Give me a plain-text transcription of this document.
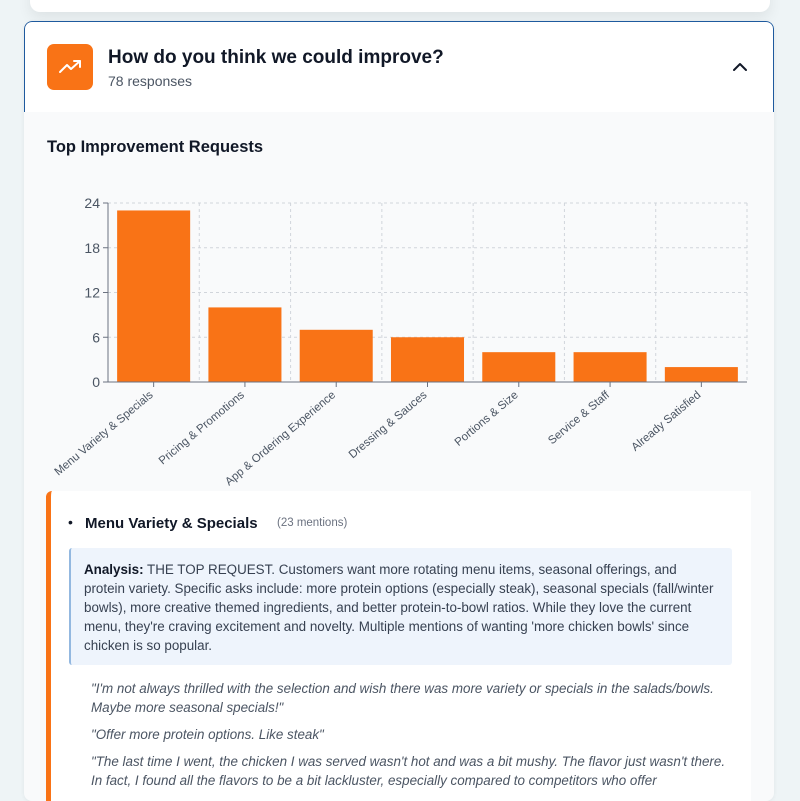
How do you think we could improve?
78 responses
Top Improvement Requests
0
6
12
18
24
Menu Variety & Specials Pricing & Promotions
App & Ordering Experience Dressing & Sauces Portions & Size Service & Staff Already Satisfied
• Menu Variety & Specials (23 mentions)
Analysis: THE TOP REQUEST. Customers want more rotating menu items, seasonal offerings, and protein variety. Specific asks include: more protein options (especially steak), seasonal specials (fall/winter bowls), more creative themed ingredients, and better protein-to-bowl ratios. While they love the current menu, they're craving excitement and novelty. Multiple mentions of wanting 'more chicken bowls' since chicken is so popular.
"I'm not always thrilled with the selection and wish there was more variety or specials in the salads/bowls. Maybe more seasonal specials!"
"Offer more protein options. Like steak"
"The last time I went, the chicken I was served wasn't hot and was a bit mushy. The flavor just wasn't there. In fact, I found all the flavors to be a bit lackluster, especially compared to competitors who offer
